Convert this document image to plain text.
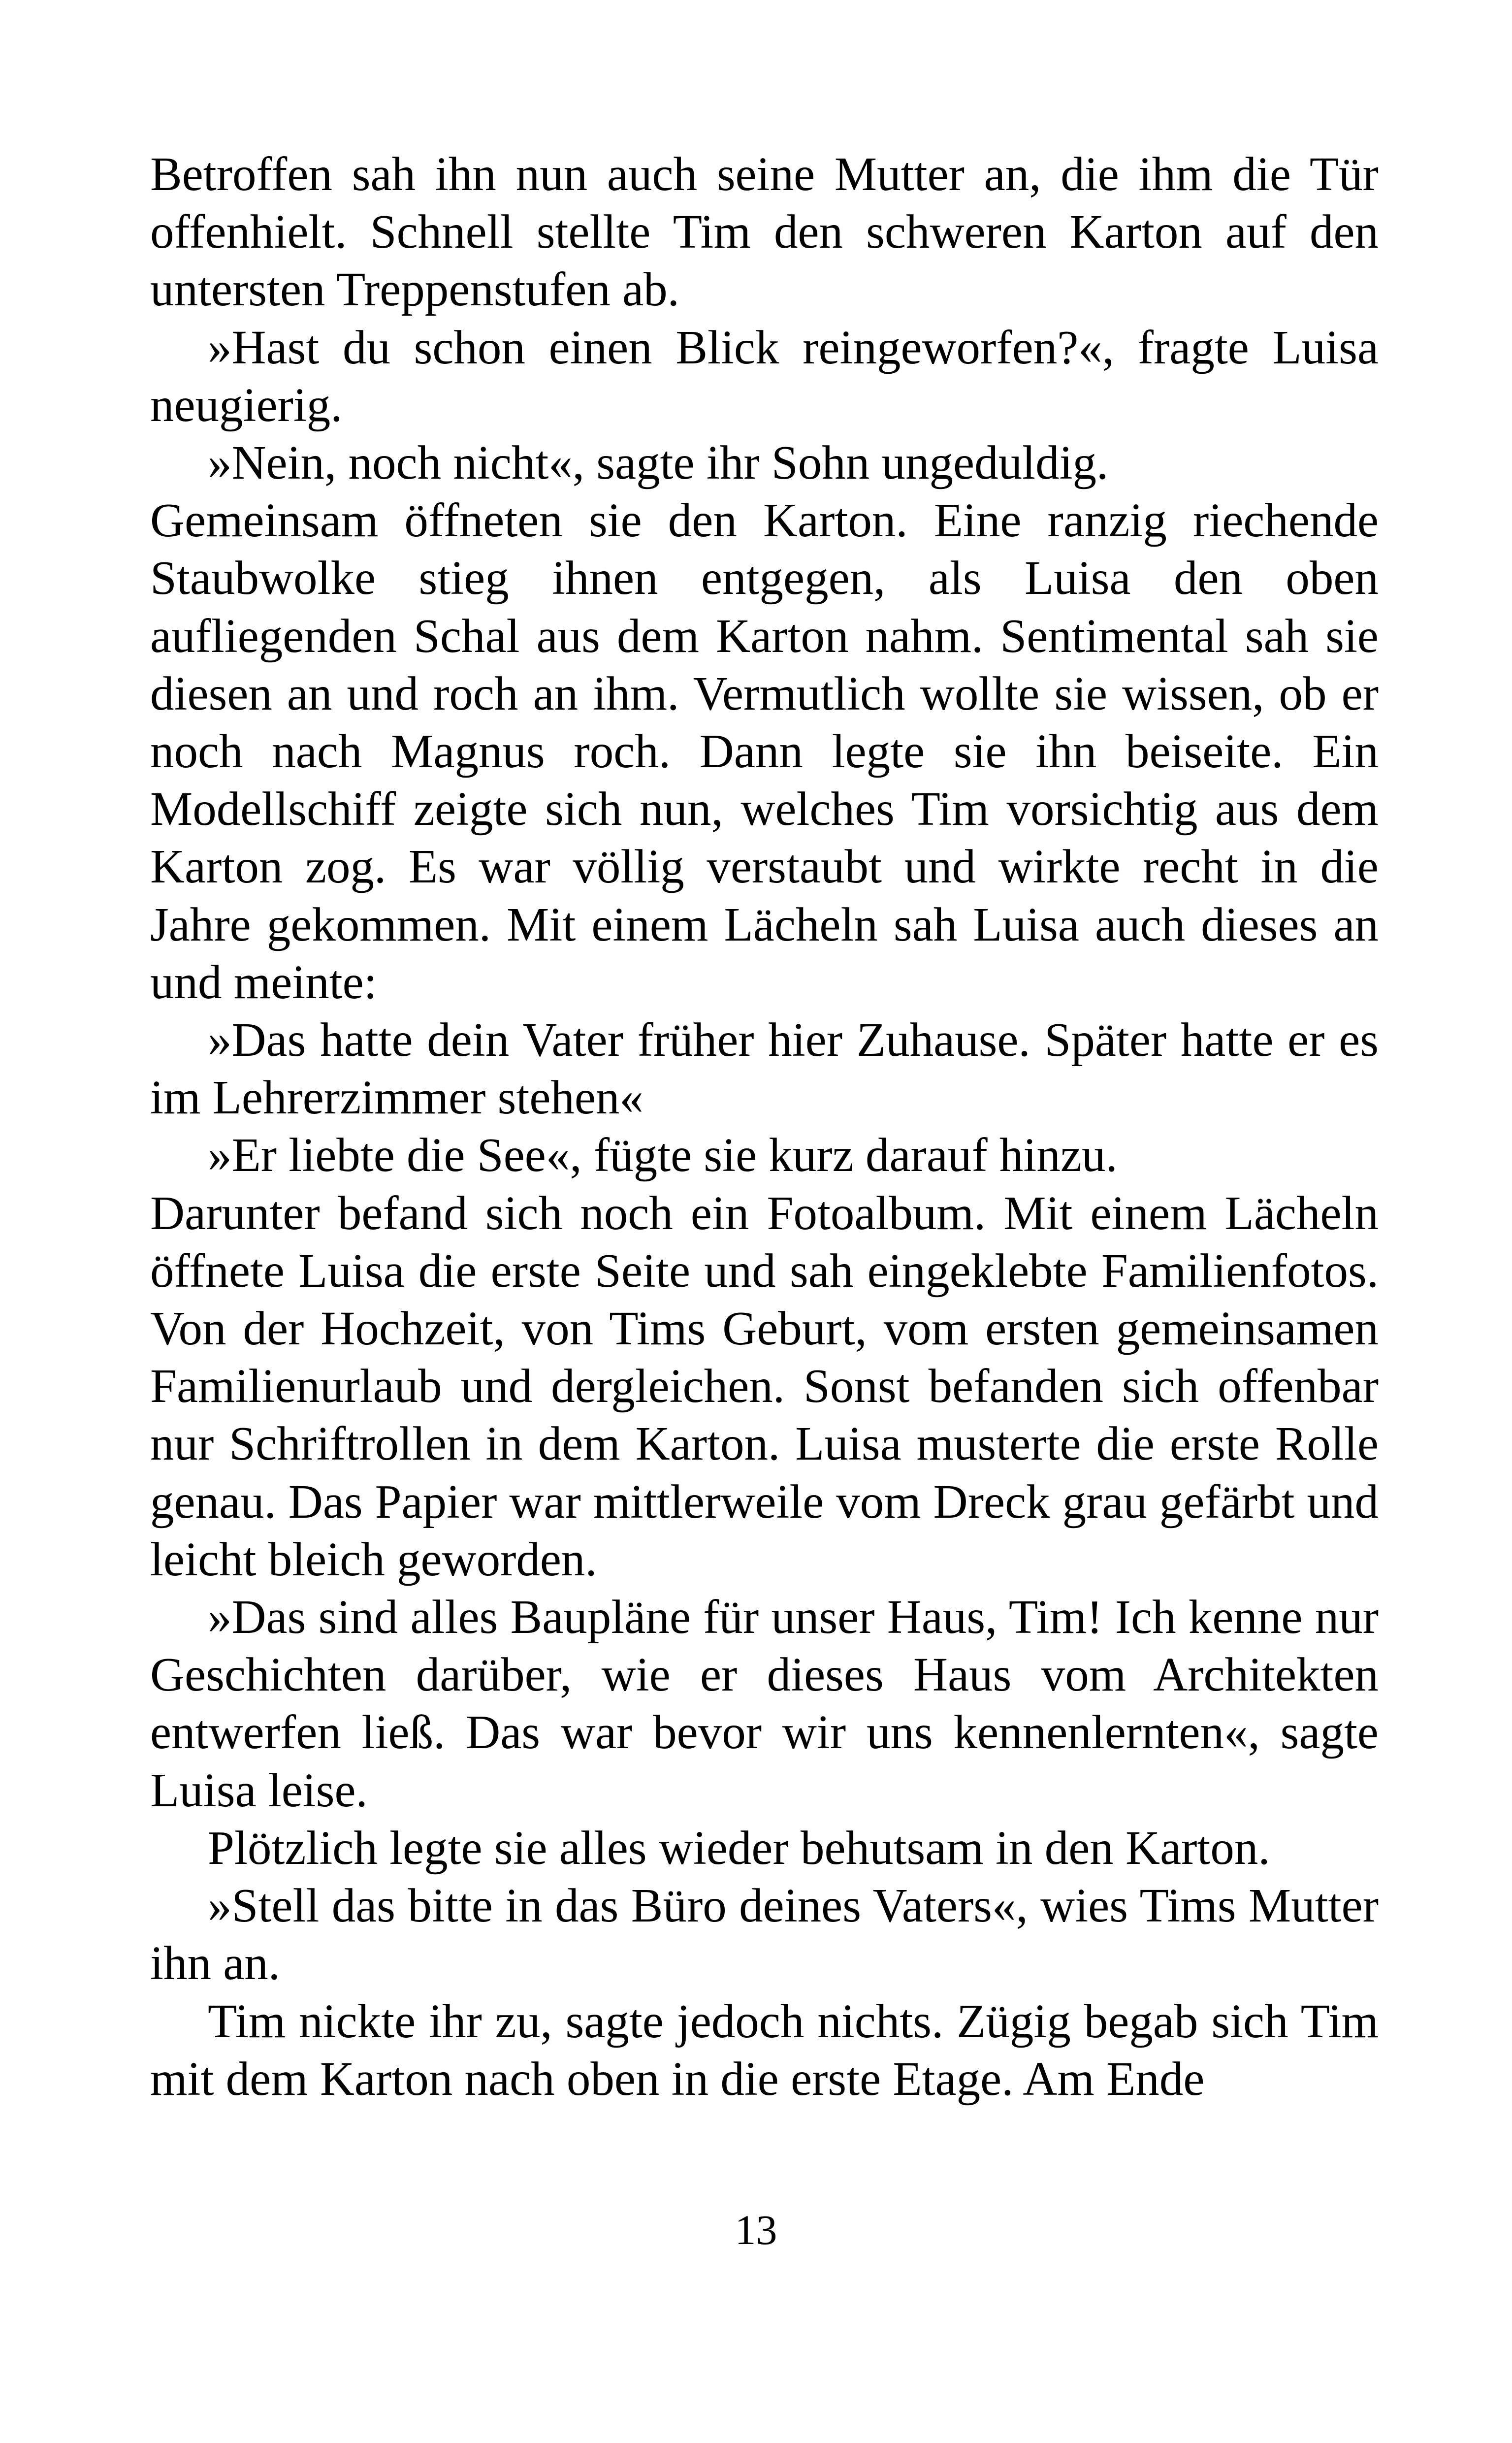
Betroffen sah ihn nun auch seine Mutter an, die ihm die Tür offenhielt. Schnell stellte Tim den schweren Karton auf den untersten Treppenstufen ab.

»Hast du schon einen Blick reingeworfen?«, fragte Luisa neugierig.

»Nein, noch nicht«, sagte ihr Sohn ungeduldig.

Gemeinsam öffneten sie den Karton. Eine ranzig riechende Staubwolke stieg ihnen entgegen, als Luisa den oben aufliegenden Schal aus dem Karton nahm. Sentimental sah sie diesen an und roch an ihm. Vermutlich wollte sie wissen, ob er noch nach Magnus roch. Dann legte sie ihn beiseite. Ein Modellschiff zeigte sich nun, welches Tim vorsichtig aus dem Karton zog. Es war völlig verstaubt und wirkte recht in die Jahre gekommen. Mit einem Lächeln sah Luisa auch dieses an und meinte:

»Das hatte dein Vater früher hier Zuhause. Später hatte er es im Lehrerzimmer stehen«

»Er liebte die See«, fügte sie kurz darauf hinzu.

Darunter befand sich noch ein Fotoalbum. Mit einem Lächeln öffnete Luisa die erste Seite und sah eingeklebte Familienfotos. Von der Hochzeit, von Tims Geburt, vom ersten gemeinsamen Familienurlaub und dergleichen. Sonst befanden sich offenbar nur Schriftrollen in dem Karton. Luisa musterte die erste Rolle genau. Das Papier war mittlerweile vom Dreck grau gefärbt und leicht bleich geworden.

»Das sind alles Baupläne für unser Haus, Tim! Ich kenne nur Geschichten darüber, wie er dieses Haus vom Architekten entwerfen ließ. Das war bevor wir uns kennenlernten«, sagte Luisa leise.

Plötzlich legte sie alles wieder behutsam in den Karton.

»Stell das bitte in das Büro deines Vaters«, wies Tims Mutter ihn an.

Tim nickte ihr zu, sagte jedoch nichts. Zügig begab sich Tim mit dem Karton nach oben in die erste Etage. Am Ende

13
